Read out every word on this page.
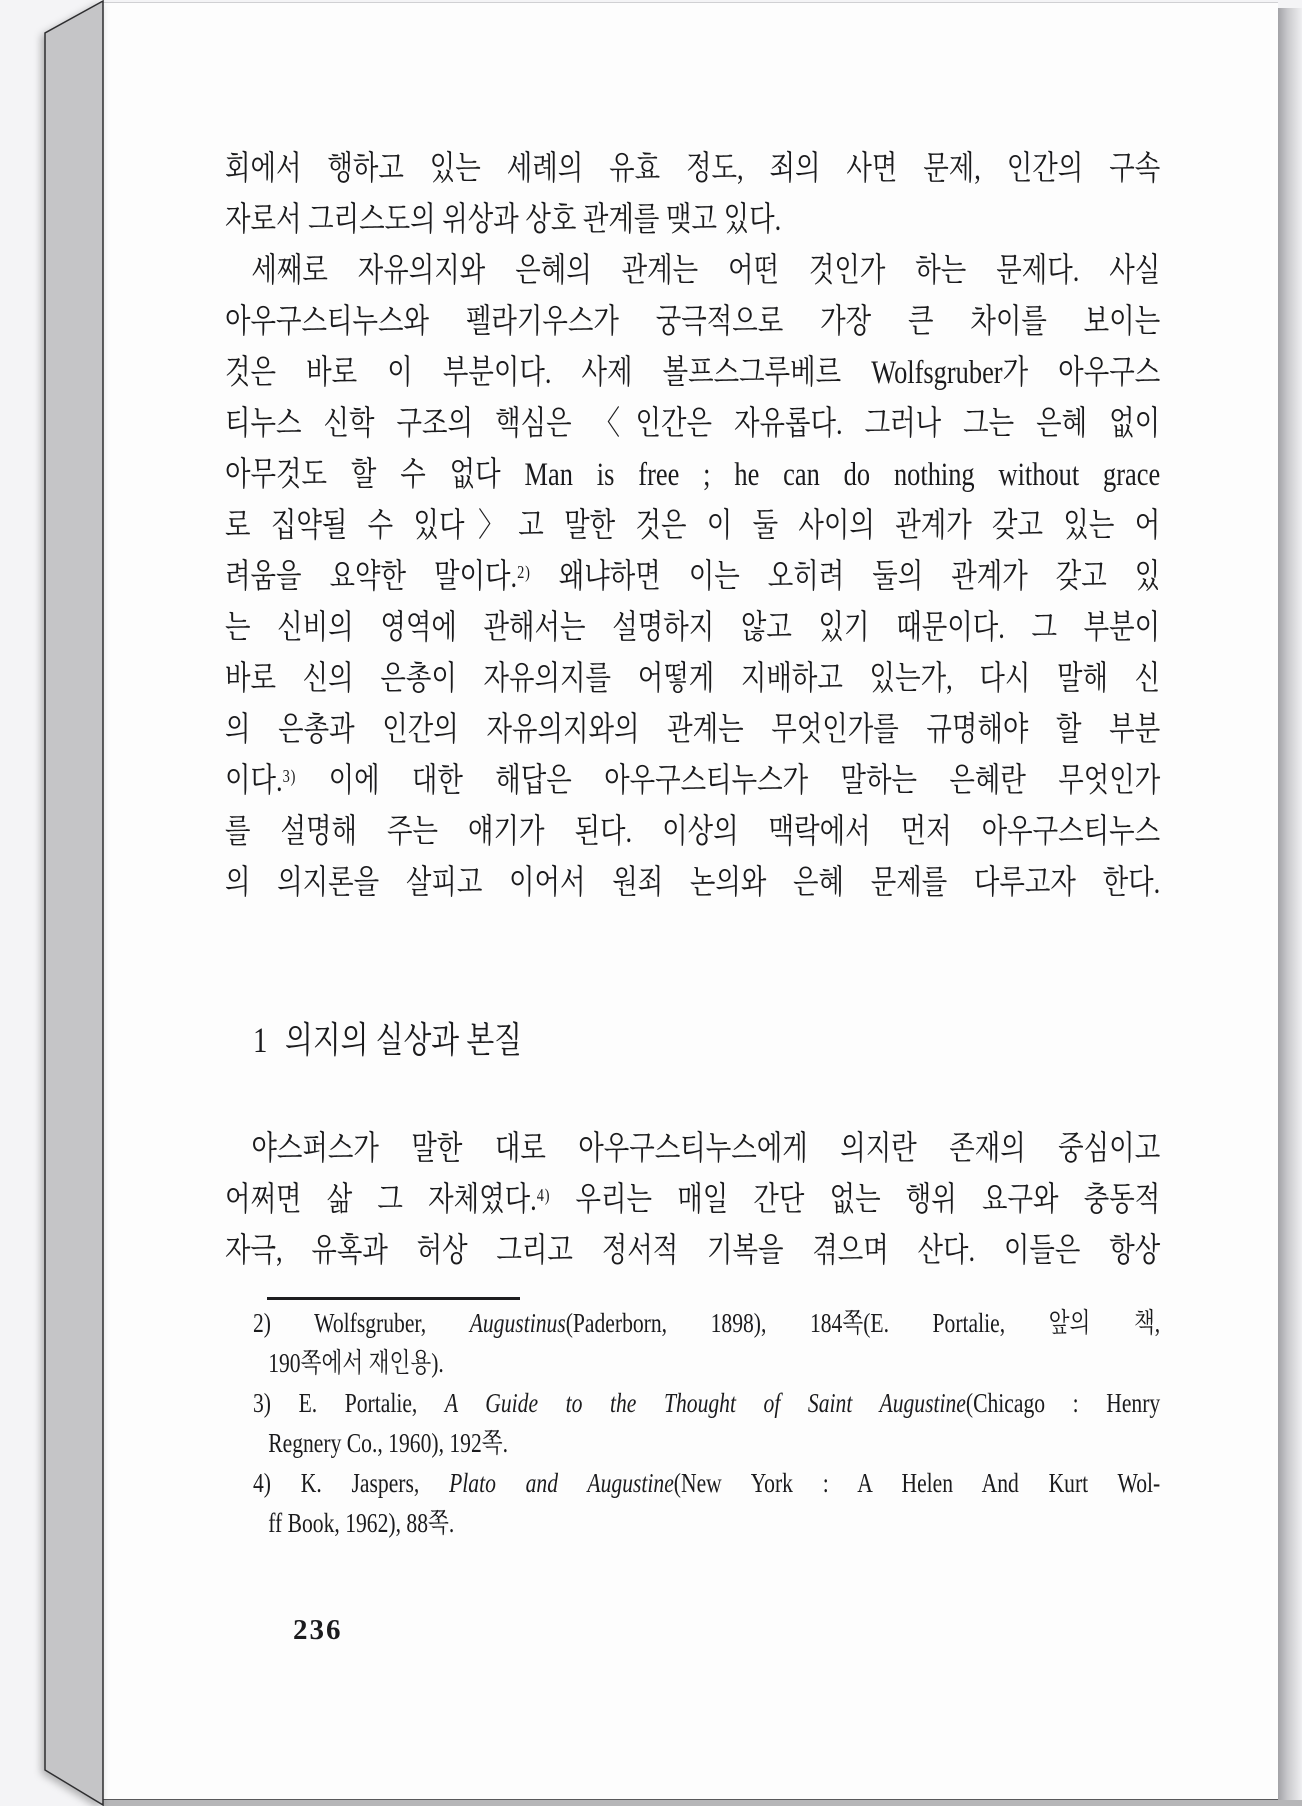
회에서 행하고 있는 세례의 유효 정도, 죄의 사면 문제, 인간의 구속
자로서 그리스도의 위상과 상호 관계를 맺고 있다.
세째로 자유의지와 은혜의 관계는 어떤 것인가 하는 문제다. 사실
아우구스티누스와 펠라기우스가 궁극적으로 가장 큰 차이를 보이는
것은 바로 이 부분이다. 사제 볼프스그루베르 Wolfsgruber가 아우구스
티누스 신학 구조의 핵심은 〈인간은 자유롭다. 그러나 그는 은혜 없이
아무것도 할 수 없다 Man is free ; he can do nothing without grace
로 집약될 수 있다〉고 말한 것은 이 둘 사이의 관계가 갖고 있는 어
려움을 요약한 말이다.$^{2)}$ 왜냐하면 이는 오히려 둘의 관계가 갖고 있
는 신비의 영역에 관해서는 설명하지 않고 있기 때문이다. 그 부분이
바로 신의 은총이 자유의지를 어떻게 지배하고 있는가, 다시 말해 신
의 은총과 인간의 자유의지와의 관계는 무엇인가를 규명해야 할 부분
이다.$^{3)}$ 이에 대한 해답은 아우구스티누스가 말하는 은혜란 무엇인가
를 설명해 주는 얘기가 된다. 이상의 맥락에서 먼저 아우구스티누스
의 의지론을 살피고 이어서 원죄 논의와 은혜 문제를 다루고자 한다.
1 의지의 실상과 본질
야스퍼스가 말한 대로 아우구스티누스에게 의지란 존재의 중심이고
어쩌면 삶 그 자체였다.$^{4)}$ 우리는 매일 간단 없는 행위 요구와 충동적
자극, 유혹과 허상 그리고 정서적 기복을 겪으며 산다. 이들은 항상
2) Wolfsgruber, Augustinus(Paderborn, 1898), 184쪽(E. Portalie, 앞의 책,
190쪽에서 재인용).
3) E. Portalie, A Guide to the Thought of Saint Augustine(Chicago : Henry
Regnery Co., 1960), 192쪽.
4) K. Jaspers, Plato and Augustine(New York : A Helen And Kurt Wol-
ff Book, 1962), 88쪽.
236
